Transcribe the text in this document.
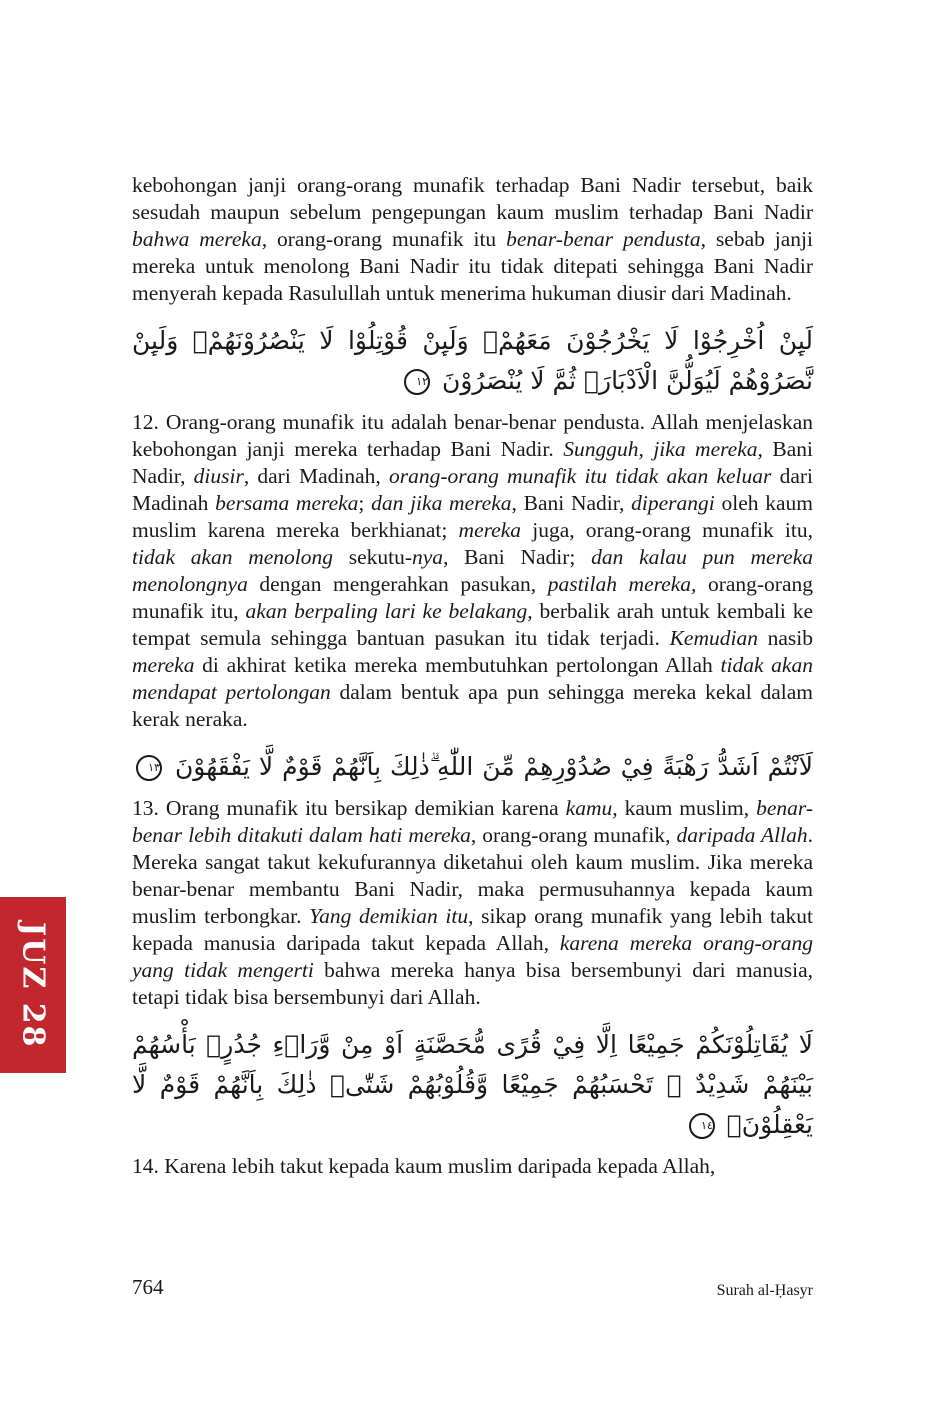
kebohongan janji orang-orang munafik terhadap Bani Nadir tersebut, baik sesudah maupun sebelum pengepungan kaum muslim terhadap Bani Nadir bahwa mereka, orang-orang munafik itu benar-benar pendusta, sebab janji mereka untuk menolong Bani Nadir itu tidak ditepati sehingga Bani Nadir menyerah kepada Rasulullah untuk menerima hukuman diusir dari Madinah.

لَىِٕنْ اُخْرِجُوْا لَا يَخْرُجُوْنَ مَعَهُمْۚ وَلَىِٕنْ قُوْتِلُوْا لَا يَنْصُرُوْنَهُمْۚ وَلَىِٕنْ نَّصَرُوْهُمْ لَيُوَلُّنَّ الْاَدْبَارَۙ ثُمَّ لَا يُنْصَرُوْنَ ١٢

12. Orang-orang munafik itu adalah benar-benar pendusta. Allah menjelaskan kebohongan janji mereka terhadap Bani Nadir. Sungguh, jika mereka, Bani Nadir, diusir, dari Madinah, orang-orang munafik itu tidak akan keluar dari Madinah bersama mereka; dan jika mereka, Bani Nadir, diperangi oleh kaum muslim karena mereka berkhianat; mereka juga, orang-orang munafik itu, tidak akan menolong sekutu-nya, Bani Nadir; dan kalau pun mereka menolongnya dengan mengerahkan pasukan, pastilah mereka, orang-orang munafik itu, akan berpaling lari ke belakang, berbalik arah untuk kembali ke tempat semula sehingga bantuan pasukan itu tidak terjadi. Kemudian nasib mereka di akhirat ketika mereka membutuhkan pertolongan Allah tidak akan mendapat pertolongan dalam bentuk apa pun sehingga mereka kekal dalam kerak neraka.

لَاَنْتُمْ اَشَدُّ رَهْبَةً فِيْ صُدُوْرِهِمْ مِّنَ اللّٰهِ ۗذٰلِكَ بِاَنَّهُمْ قَوْمٌ لَّا يَفْقَهُوْنَ ١٣

13. Orang munafik itu bersikap demikian karena kamu, kaum muslim, benar-benar lebih ditakuti dalam hati mereka, orang-orang munafik, daripada Allah. Mereka sangat takut kekufurannya diketahui oleh kaum muslim. Jika mereka benar-benar membantu Bani Nadir, maka permusuhannya kepada kaum muslim terbongkar. Yang demikian itu, sikap orang munafik yang lebih takut kepada manusia daripada takut kepada Allah, karena mereka orang-orang yang tidak mengerti bahwa mereka hanya bisa bersembunyi dari manusia, tetapi tidak bisa bersembunyi dari Allah.

لَا يُقَاتِلُوْنَكُمْ جَمِيْعًا اِلَّا فِيْ قُرًى مُّحَصَّنَةٍ اَوْ مِنْ وَّرَاۤءِ جُدُرٍۗ بَأْسُهُمْ بَيْنَهُمْ شَدِيْدٌ ۗ تَحْسَبُهُمْ جَمِيْعًا وَّقُلُوْبُهُمْ شَتّٰىۗ ذٰلِكَ بِاَنَّهُمْ قَوْمٌ لَّا يَعْقِلُوْنَۚ ١٤

14. Karena lebih takut kepada kaum muslim daripada kepada Allah,

JUZ 28
764	Surah al-Ḥasyr
